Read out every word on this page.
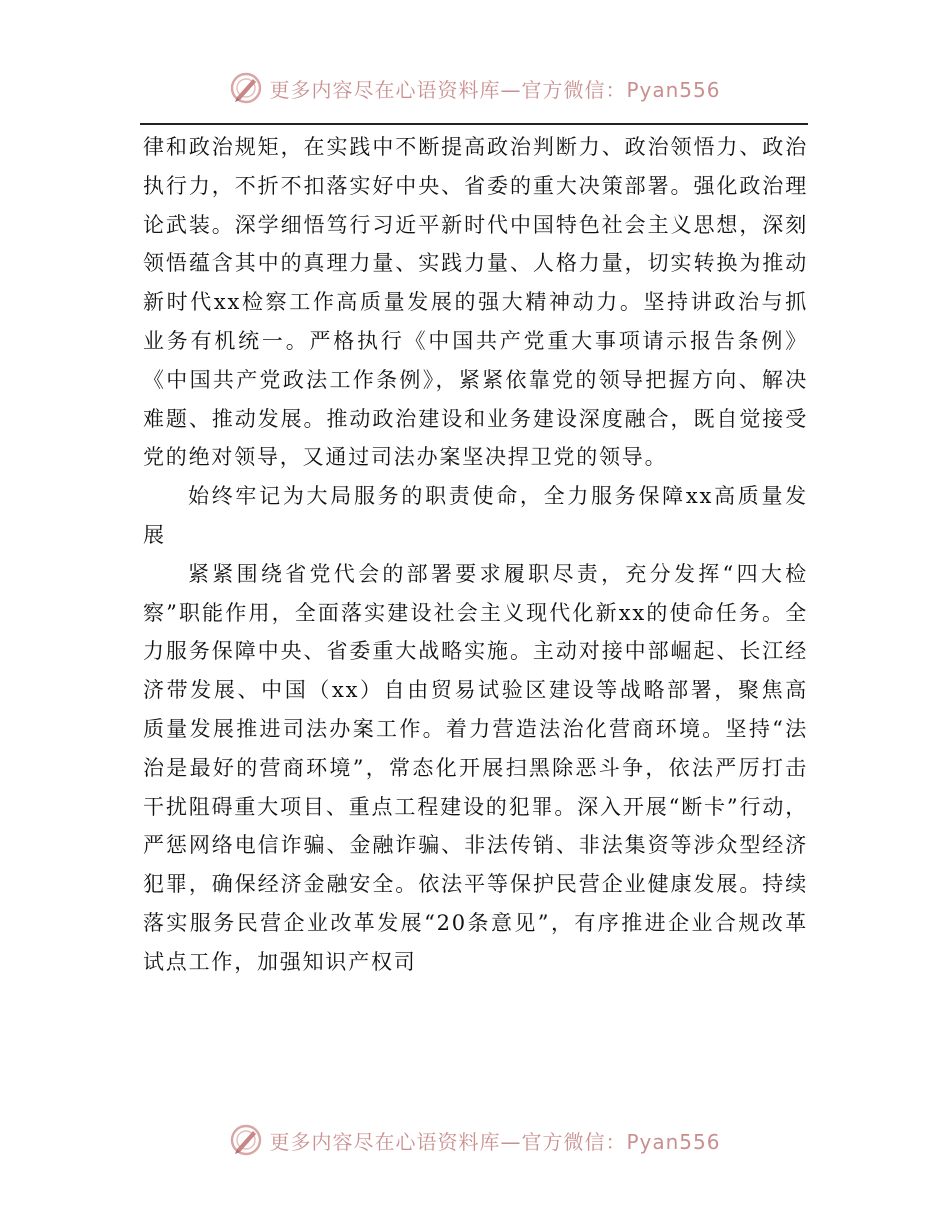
更多内容尽在心语资料库—官方微信：Pyan556

律和政治规矩，在实践中不断提高政治判断力、政治领悟力、政治执行力，不折不扣落实好中央、省委的重大决策部署。强化政治理论武装。深学细悟笃行习近平新时代中国特色社会主义思想，深刻领悟蕴含其中的真理力量、实践力量、人格力量，切实转换为推动新时代xx检察工作高质量发展的强大精神动力。坚持讲政治与抓业务有机统一。严格执行《中国共产党重大事项请示报告条例》《中国共产党政法工作条例》，紧紧依靠党的领导把握方向、解决难题、推动发展。推动政治建设和业务建设深度融合，既自觉接受党的绝对领导，又通过司法办案坚决捍卫党的领导。

始终牢记为大局服务的职责使命，全力服务保障xx高质量发展

紧紧围绕省党代会的部署要求履职尽责，充分发挥“四大检察”职能作用，全面落实建设社会主义现代化新xx的使命任务。全力服务保障中央、省委重大战略实施。主动对接中部崛起、长江经济带发展、中国（xx）自由贸易试验区建设等战略部署，聚焦高质量发展推进司法办案工作。着力营造法治化营商环境。坚持“法治是最好的营商环境”，常态化开展扫黑除恶斗争，依法严厉打击干扰阻碍重大项目、重点工程建设的犯罪。深入开展“断卡”行动，严惩网络电信诈骗、金融诈骗、非法传销、非法集资等涉众型经济犯罪，确保经济金融安全。依法平等保护民营企业健康发展。持续落实服务民营企业改革发展“20条意见”，有序推进企业合规改革试点工作，加强知识产权司

更多内容尽在心语资料库—官方微信：Pyan556
